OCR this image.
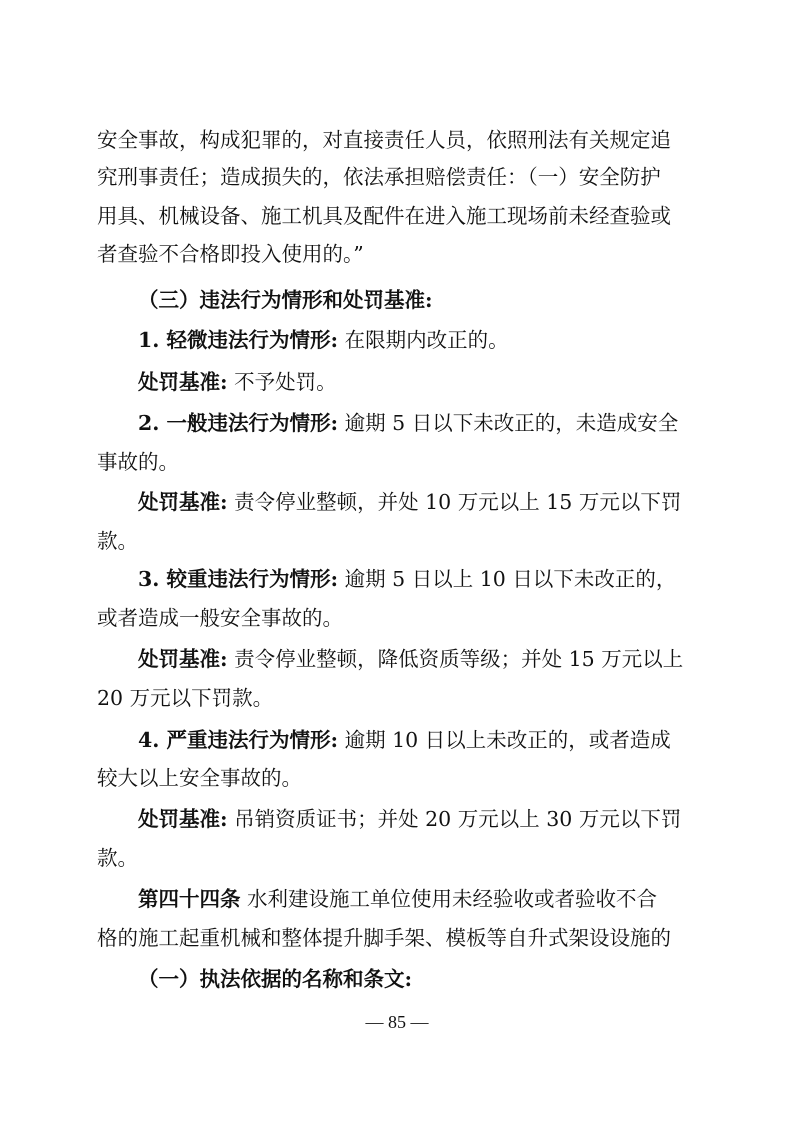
安全事故，构成犯罪的，对直接责任人员，依照刑法有关规定追
究刑事责任；造成损失的，依法承担赔偿责任：（一）安全防护
用具、机械设备、施工机具及配件在进入施工现场前未经查验或
者查验不合格即投入使用的。”
（三）违法行为情形和处罚基准:
1. 轻微违法行为情形: 在限期内改正的。
处罚基准: 不予处罚。
2. 一般违法行为情形: 逾期 5 日以下未改正的，未造成安全
事故的。
处罚基准: 责令停业整顿，并处 10 万元以上 15 万元以下罚
款。
3. 较重违法行为情形: 逾期 5 日以上 10 日以下未改正的，
或者造成一般安全事故的。
处罚基准: 责令停业整顿，降低资质等级；并处 15 万元以上
20 万元以下罚款。
4. 严重违法行为情形: 逾期 10 日以上未改正的，或者造成
较大以上安全事故的。
处罚基准: 吊销资质证书；并处 20 万元以上 30 万元以下罚
款。
第四十四条 水利建设施工单位使用未经验收或者验收不合
格的施工起重机械和整体提升脚手架、模板等自升式架设设施的
（一）执法依据的名称和条文:
— 85 —
